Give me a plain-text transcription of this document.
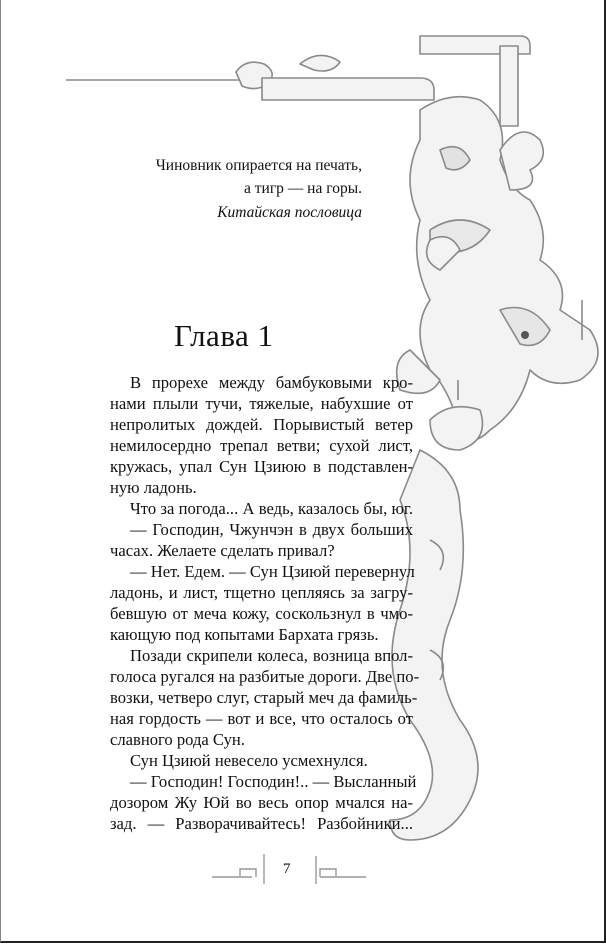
Чиновник опирается на печать,
а тигр — на горы.
Китайская пословица
Глава 1
В прорехе между бамбуковыми кро-
нами плыли тучи, тяжелые, набухшие от
непролитых дождей. Порывистый ветер
немилосердно трепал ветви; сухой лист,
кружась, упал Сун Цзиюю в подставлен-
ную ладонь.
Что за погода... А ведь, казалось бы, юг.
— Господин, Чжунчэн в двух больших
часах. Желаете сделать привал?
— Нет. Едем. — Сун Цзиюй перевернул
ладонь, и лист, тщетно цепляясь за загру-
бевшую от меча кожу, соскользнул в чмо-
кающую под копытами Бархата грязь.
Позади скрипели колеса, возница впол-
голоса ругался на разбитые дороги. Две по-
возки, четверо слуг, старый меч да фамиль-
ная гордость — вот и все, что осталось от
славного рода Сун.
Сун Цзиюй невесело усмехнулся.
— Господин! Господин!.. — Высланный
дозором Жу Юй во весь опор мчался на-
зад. — Разворачивайтесь! Разбойники...
7
